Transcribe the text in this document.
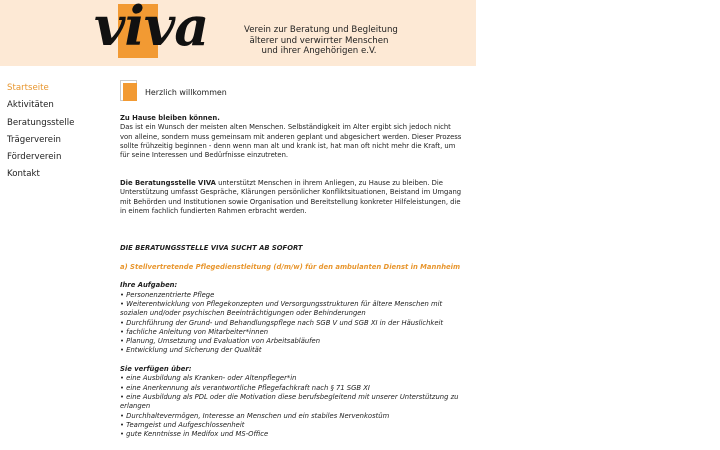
viva	Verein zur Beratung und Begleitung
älterer und verwirrter Menschen
und ihrer Angehörigen e.V.
Startseite
Aktivitäten
Beratungsstelle
Trägerverein
Förderverein
Kontakt
Herzlich willkommen

Zu Hause bleiben können.

Das ist ein Wunsch der meisten alten Menschen. Selbständigkeit im Alter ergibt sich jedoch nicht von alleine, sondern muss gemeinsam mit anderen geplant und abgesichert werden. Dieser Prozess sollte frühzeitig beginnen - denn wenn man alt und krank ist, hat man oft nicht mehr die Kraft, um für seine Interessen und Bedürfnisse einzutreten.

Die Beratungsstelle VIVA unterstützt Menschen in ihrem Anliegen, zu Hause zu bleiben. Die Unterstützung umfasst Gespräche, Klärungen persönlicher Konfliktsituationen, Beistand im Umgang mit Behörden und Institutionen sowie Organisation und Bereitstellung konkreter Hilfeleistungen, die in einem fachlich fundierten Rahmen erbracht werden.

DIE BERATUNGSSTELLE VIVA SUCHT AB SOFORT

a) Stellvertretende Pflegedienstleitung (d/m/w) für den ambulanten Dienst in Mannheim

Ihre Aufgaben:

• Personenzentrierte Pflege
• Weiterentwicklung von Pflegekonzepten und Versorgungsstrukturen für ältere Menschen mit sozialen und/oder psychischen Beeinträchtigungen oder Behinderungen
• Durchführung der Grund- und Behandlungspflege nach SGB V und SGB XI in der Häuslichkeit
• fachliche Anleitung von Mitarbeiter*innen
• Planung, Umsetzung und Evaluation von Arbeitsabläufen
• Entwicklung und Sicherung der Qualität

Sie verfügen über:

• eine Ausbildung als Kranken- oder Altenpfleger*in
• eine Anerkennung als verantwortliche Pflegefachkraft nach § 71 SGB XI
• eine Ausbildung als PDL oder die Motivation diese berufsbegleitend mit unserer Unterstützung zu erlangen
• Durchhaltevermögen, Interesse an Menschen und ein stabiles Nervenkostüm
• Teamgeist und Aufgeschlossenheit
• gute Kenntnisse in Medifox und MS-Office
